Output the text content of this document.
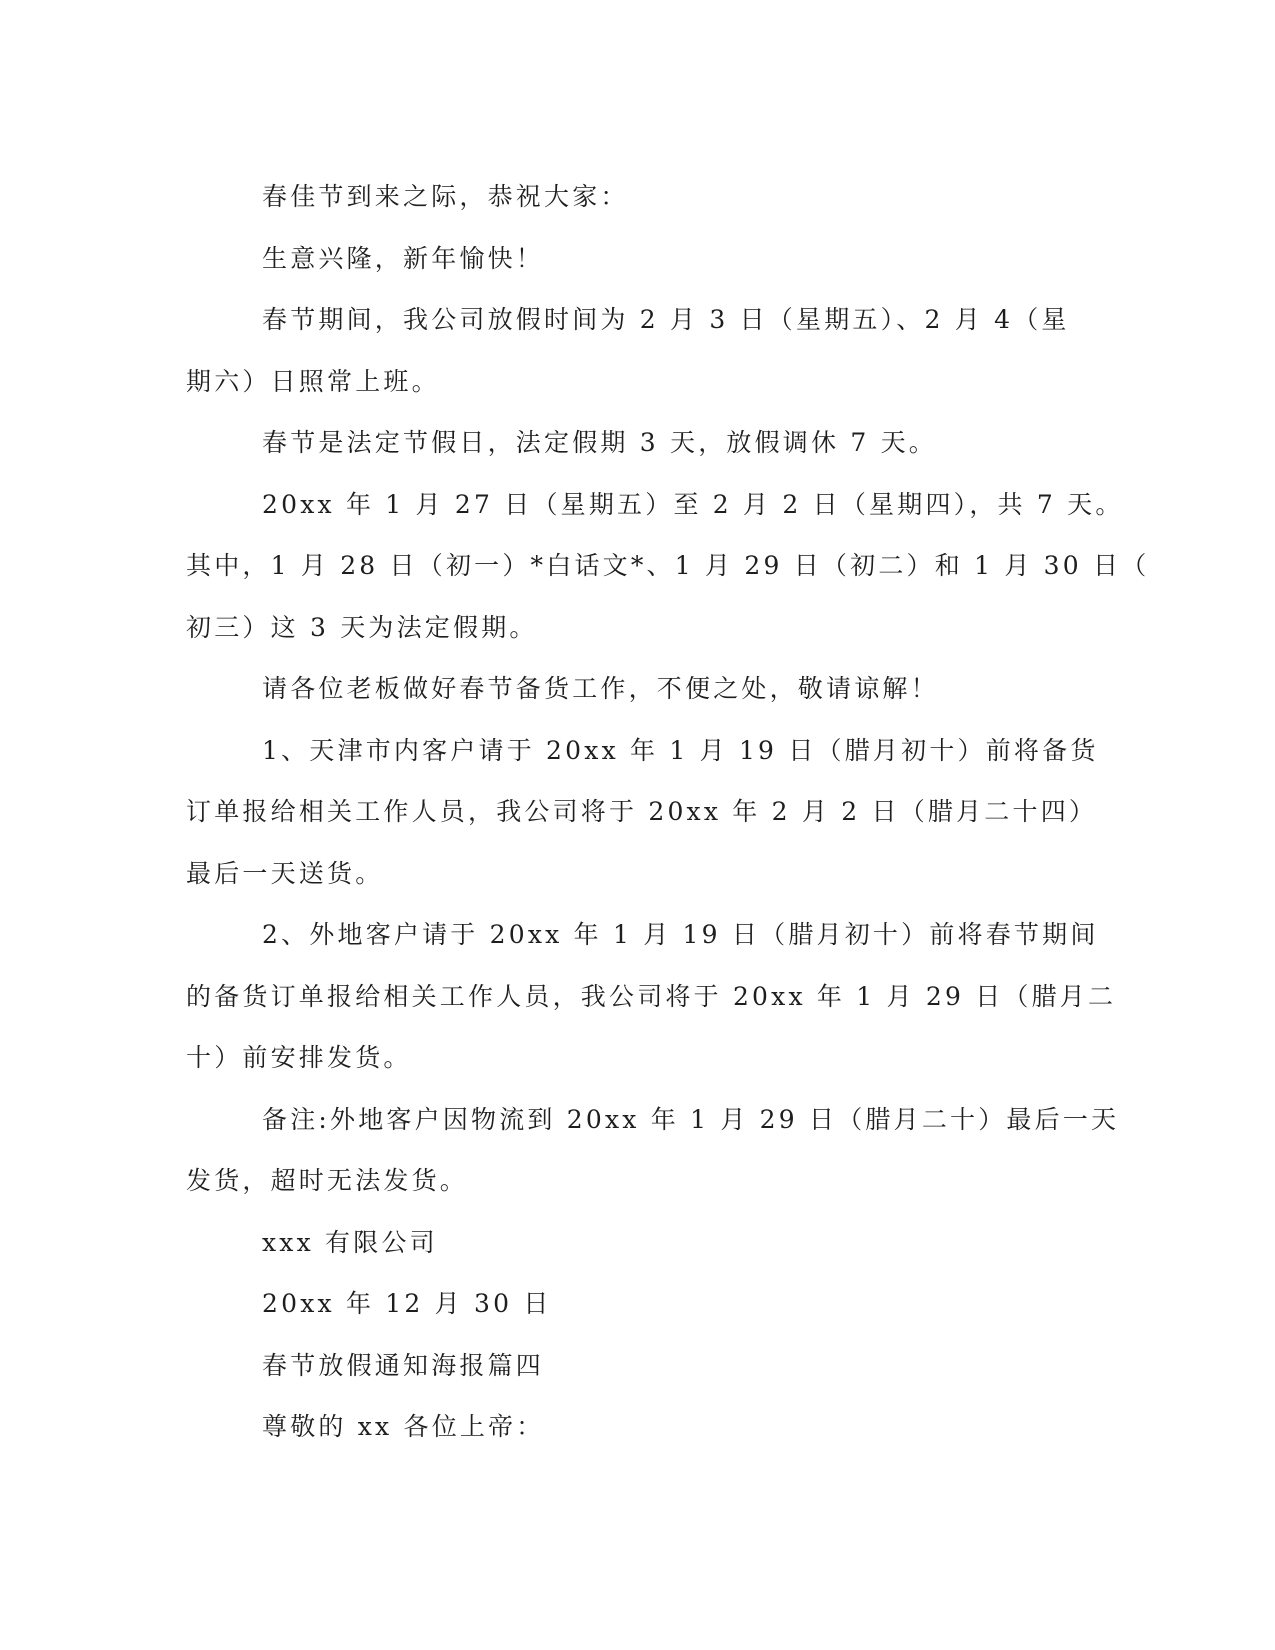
春佳节到来之际，恭祝大家：

生意兴隆，新年愉快！

春节期间，我公司放假时间为 2 月 3 日（星期五）、2 月 4（星
期六）日照常上班。

春节是法定节假日，法定假期 3 天，放假调休 7 天。

20xx 年 1 月 27 日（星期五）至 2 月 2 日（星期四），共 7 天。
其中，1 月 28 日（初一）*白话文*、1 月 29 日（初二）和 1 月 30 日（
初三）这 3 天为法定假期。

请各位老板做好春节备货工作，不便之处，敬请谅解！

1、天津市内客户请于 20xx 年 1 月 19 日（腊月初十）前将备货
订单报给相关工作人员，我公司将于 20xx 年 2 月 2 日（腊月二十四）
最后一天送货。

2、外地客户请于 20xx 年 1 月 19 日（腊月初十）前将春节期间
的备货订单报给相关工作人员，我公司将于 20xx 年 1 月 29 日（腊月二
十）前安排发货。

备注:外地客户因物流到 20xx 年 1 月 29 日（腊月二十）最后一天
发货，超时无法发货。

xxx 有限公司

20xx 年 12 月 30 日

春节放假通知海报篇四

尊敬的 xx 各位上帝：
